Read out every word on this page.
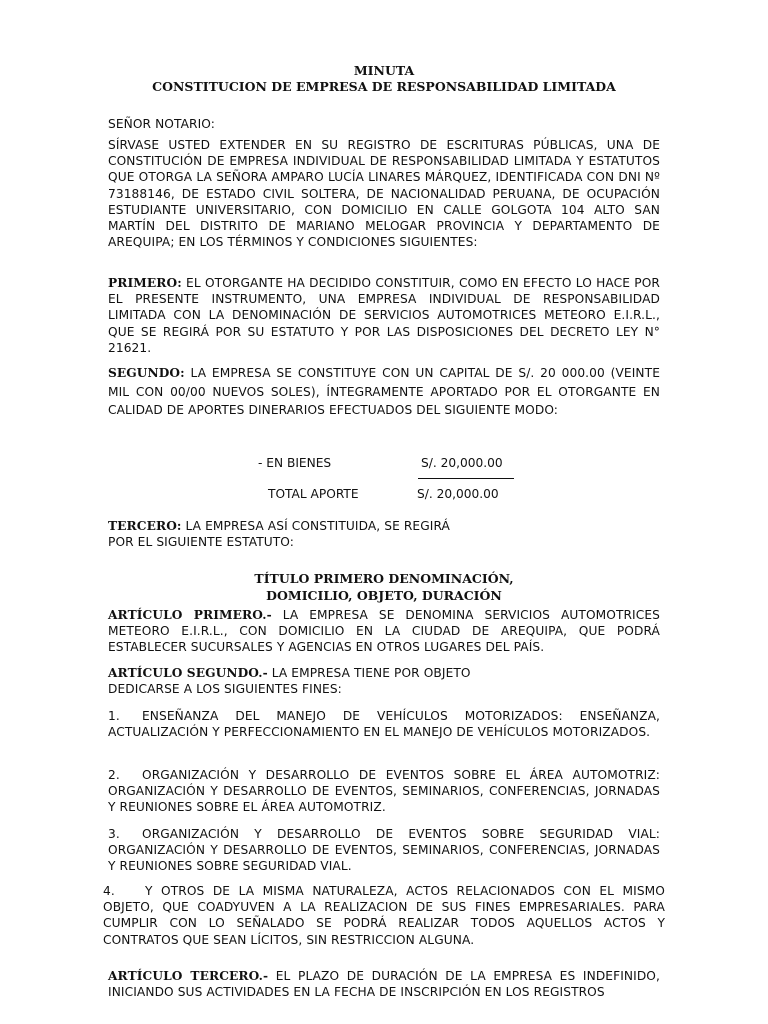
MINUTA
CONSTITUCION DE EMPRESA DE RESPONSABILIDAD LIMITADA
SEÑOR NOTARIO:
SÍRVASE USTED EXTENDER EN SU REGISTRO DE ESCRITURAS PÚBLICAS, UNA DE CONSTITUCIÓN DE EMPRESA INDIVIDUAL DE RESPONSABILIDAD LIMITADA Y ESTATUTOS QUE OTORGA LA SEÑORA AMPARO LUCÍA LINARES MÁRQUEZ, IDENTIFICADA CON DNI Nº 73188146, DE ESTADO CIVIL SOLTERA, DE NACIONALIDAD PERUANA, DE OCUPACIÓN ESTUDIANTE UNIVERSITARIO, CON DOMICILIO EN CALLE GOLGOTA 104 ALTO SAN MARTÍN DEL DISTRITO DE MARIANO MELOGAR PROVINCIA Y DEPARTAMENTO DE AREQUIPA; EN LOS TÉRMINOS Y CONDICIONES SIGUIENTES:
PRIMERO: EL OTORGANTE HA DECIDIDO CONSTITUIR, COMO EN EFECTO LO HACE POR EL PRESENTE INSTRUMENTO, UNA EMPRESA INDIVIDUAL DE RESPONSABILIDAD LIMITADA CON LA DENOMINACIÓN DE SERVICIOS AUTOMOTRICES METEORO E.I.R.L., QUE SE REGIRÁ POR SU ESTATUTO Y POR LAS DISPOSICIONES DEL DECRETO LEY N° 21621.
SEGUNDO: LA EMPRESA SE CONSTITUYE CON UN CAPITAL DE S/. 20 000.00 (VEINTE MIL CON 00/00 NUEVOS SOLES), ÍNTEGRAMENTE APORTADO POR EL OTORGANTE EN CALIDAD DE APORTES DINERARIOS EFECTUADOS DEL SIGUIENTE MODO:
- EN BIENES	S/. 20,000.00
TOTAL APORTE	S/. 20,000.00
TERCERO: LA EMPRESA ASÍ CONSTITUIDA, SE REGIRÁ
POR EL SIGUIENTE ESTATUTO:
TÍTULO PRIMERO DENOMINACIÓN,
DOMICILIO, OBJETO, DURACIÓN
ARTÍCULO PRIMERO.- LA EMPRESA SE DENOMINA SERVICIOS AUTOMOTRICES METEORO E.I.R.L., CON DOMICILIO EN LA CIUDAD DE AREQUIPA, QUE PODRÁ ESTABLECER SUCURSALES Y AGENCIAS EN OTROS LUGARES DEL PAÍS.
ARTÍCULO SEGUNDO.- LA EMPRESA TIENE POR OBJETO
DEDICARSE A LOS SIGUIENTES FINES:
1. ENSEÑANZA DEL MANEJO DE VEHÍCULOS MOTORIZADOS: ENSEÑANZA, ACTUALIZACIÓN Y PERFECCIONAMIENTO EN EL MANEJO DE VEHÍCULOS MOTORIZADOS.
2. ORGANIZACIÓN Y DESARROLLO DE EVENTOS SOBRE EL ÁREA AUTOMOTRIZ: ORGANIZACIÓN Y DESARROLLO DE EVENTOS, SEMINARIOS, CONFERENCIAS, JORNADAS Y REUNIONES SOBRE EL ÁREA AUTOMOTRIZ.
3. ORGANIZACIÓN Y DESARROLLO DE EVENTOS SOBRE SEGURIDAD VIAL: ORGANIZACIÓN Y DESARROLLO DE EVENTOS, SEMINARIOS, CONFERENCIAS, JORNADAS Y REUNIONES SOBRE SEGURIDAD VIAL.
4. Y OTROS DE LA MISMA NATURALEZA, ACTOS RELACIONADOS CON EL MISMO OBJETO, QUE COADYUVEN A LA REALIZACION DE SUS FINES EMPRESARIALES. PARA CUMPLIR CON LO SEÑALADO SE PODRÁ REALIZAR TODOS AQUELLOS ACTOS Y CONTRATOS QUE SEAN LÍCITOS, SIN RESTRICCION ALGUNA.
ARTÍCULO TERCERO.- EL PLAZO DE DURACIÓN DE LA EMPRESA ES INDEFINIDO, INICIANDO SUS ACTIVIDADES EN LA FECHA DE INSCRIPCIÓN EN LOS REGISTROS
